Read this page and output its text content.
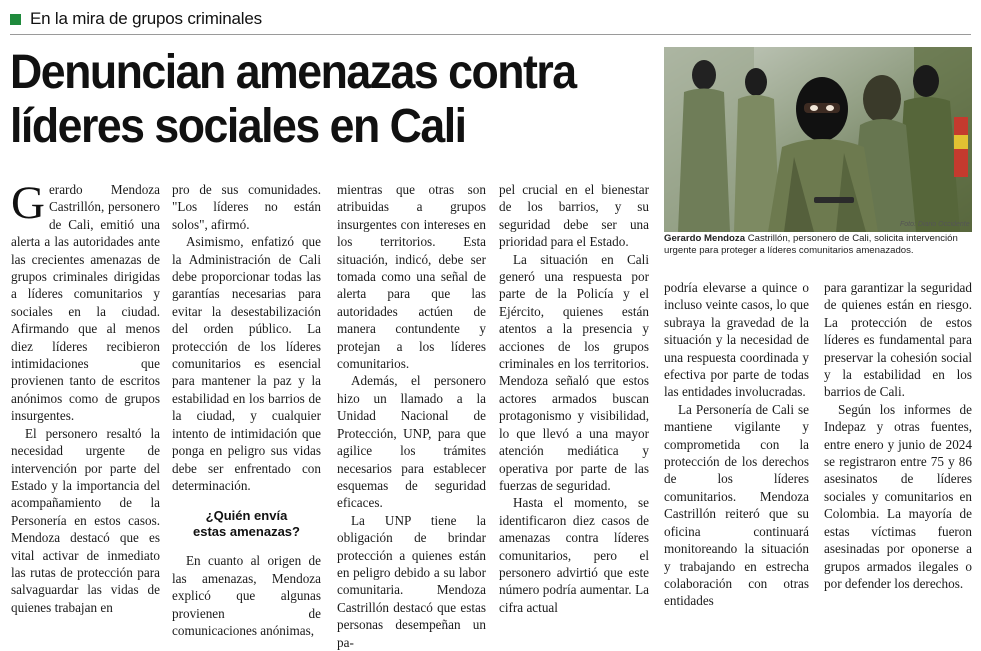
En la mira de grupos criminales
Denuncian amenazas contra
líderes sociales en Cali
Foto: Diario Occidente
Gerardo Mendoza Castrillón, personero de Cali, solicita intervención urgente para proteger a líderes comunitarios amenazados.

Gerardo Mendoza Castrillón, personero de Cali, emitió una alerta a las autoridades ante las crecientes amenazas de grupos criminales dirigidas a líderes comunitarios y sociales en la ciudad. Afirmando que al menos diez líderes recibieron intimidaciones que provienen tanto de escritos anónimos como de grupos insurgentes.

El personero resaltó la necesidad urgente de intervención por parte del Estado y la importancia del acompañamiento de la Personería en estos casos. Mendoza destacó que es vital activar de inmediato las rutas de protección para salvaguardar las vidas de quienes trabajan en

pro de sus comunidades. "Los líderes no están solos", afirmó.

Asimismo, enfatizó que la Administración de Cali debe proporcionar todas las garantías necesarias para evitar la desestabilización del orden público. La protección de los líderes comunitarios es esencial para mantener la paz y la estabilidad en los barrios de la ciudad, y cualquier intento de intimidación que ponga en peligro sus vidas debe ser enfrentado con determinación.

¿Quién envía
estas amenazas?

En cuanto al origen de las amenazas, Mendoza explicó que algunas provienen de comunicaciones anónimas,

mientras que otras son atribuidas a grupos insurgentes con intereses en los territorios. Esta situación, indicó, debe ser tomada como una señal de alerta para que las autoridades actúen de manera contundente y protejan a los líderes comunitarios.

Además, el personero hizo un llamado a la Unidad Nacional de Protección, UNP, para que agilice los trámites necesarios para establecer esquemas de seguridad eficaces.

La UNP tiene la obligación de brindar protección a quienes están en peligro debido a su labor comunitaria. Mendoza Castrillón destacó que estas personas desempeñan un pa-

pel crucial en el bienestar de los barrios, y su seguridad debe ser una prioridad para el Estado.

La situación en Cali generó una respuesta por parte de la Policía y el Ejército, quienes están atentos a la presencia y acciones de los grupos criminales en los territorios. Mendoza señaló que estos actores armados buscan protagonismo y visibilidad, lo que llevó a una mayor atención mediática y operativa por parte de las fuerzas de seguridad.

Hasta el momento, se identificaron diez casos de amenazas contra líderes comunitarios, pero el personero advirtió que este número podría aumentar. La cifra actual

podría elevarse a quince o incluso veinte casos, lo que subraya la gravedad de la situación y la necesidad de una respuesta coordinada y efectiva por parte de todas las entidades involucradas.

La Personería de Cali se mantiene vigilante y comprometida con la protección de los derechos de los líderes comunitarios. Mendoza Castrillón reiteró que su oficina continuará monitoreando la situación y trabajando en estrecha colaboración con otras entidades

para garantizar la seguridad de quienes están en riesgo. La protección de estos líderes es fundamental para preservar la cohesión social y la estabilidad en los barrios de Cali.

Según los informes de Indepaz y otras fuentes, entre enero y junio de 2024 se registraron entre 75 y 86 asesinatos de líderes sociales y comunitarios en Colombia. La mayoría de estas víctimas fueron asesinadas por oponerse a grupos armados ilegales o por defender los derechos.
